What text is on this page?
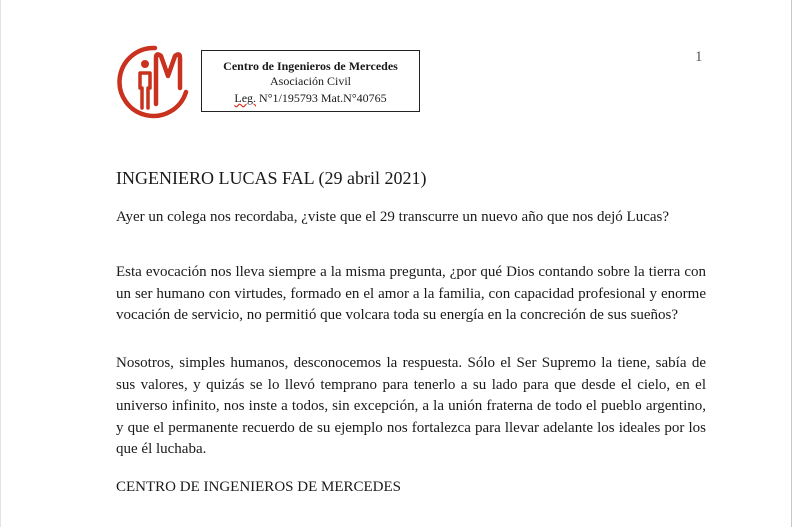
Centro de Ingenieros de Mercedes
Asociación Civil
Leg. N°1/195793 Mat.N°40765
1
INGENIERO LUCAS FAL (29 abril 2021)
Ayer un colega nos recordaba, ¿viste que el 29 transcurre un nuevo año que nos dejó Lucas?
Esta evocación nos lleva siempre a la misma pregunta, ¿por qué Dios contando sobre la tierra con un ser humano con virtudes, formado en el amor a la familia, con capacidad profesional y enorme vocación de servicio, no permitió que volcara toda su energía en la concreción de sus sueños?
Nosotros, simples humanos, desconocemos la respuesta. Sólo el Ser Supremo la tiene, sabía de sus valores, y quizás se lo llevó temprano para tenerlo a su lado para que desde el cielo, en el universo infinito, nos inste a todos, sin excepción, a la unión fraterna de todo el pueblo argentino, y que el permanente recuerdo de su ejemplo nos fortalezca para llevar adelante los ideales por los que él luchaba.
CENTRO DE INGENIEROS DE MERCEDES
